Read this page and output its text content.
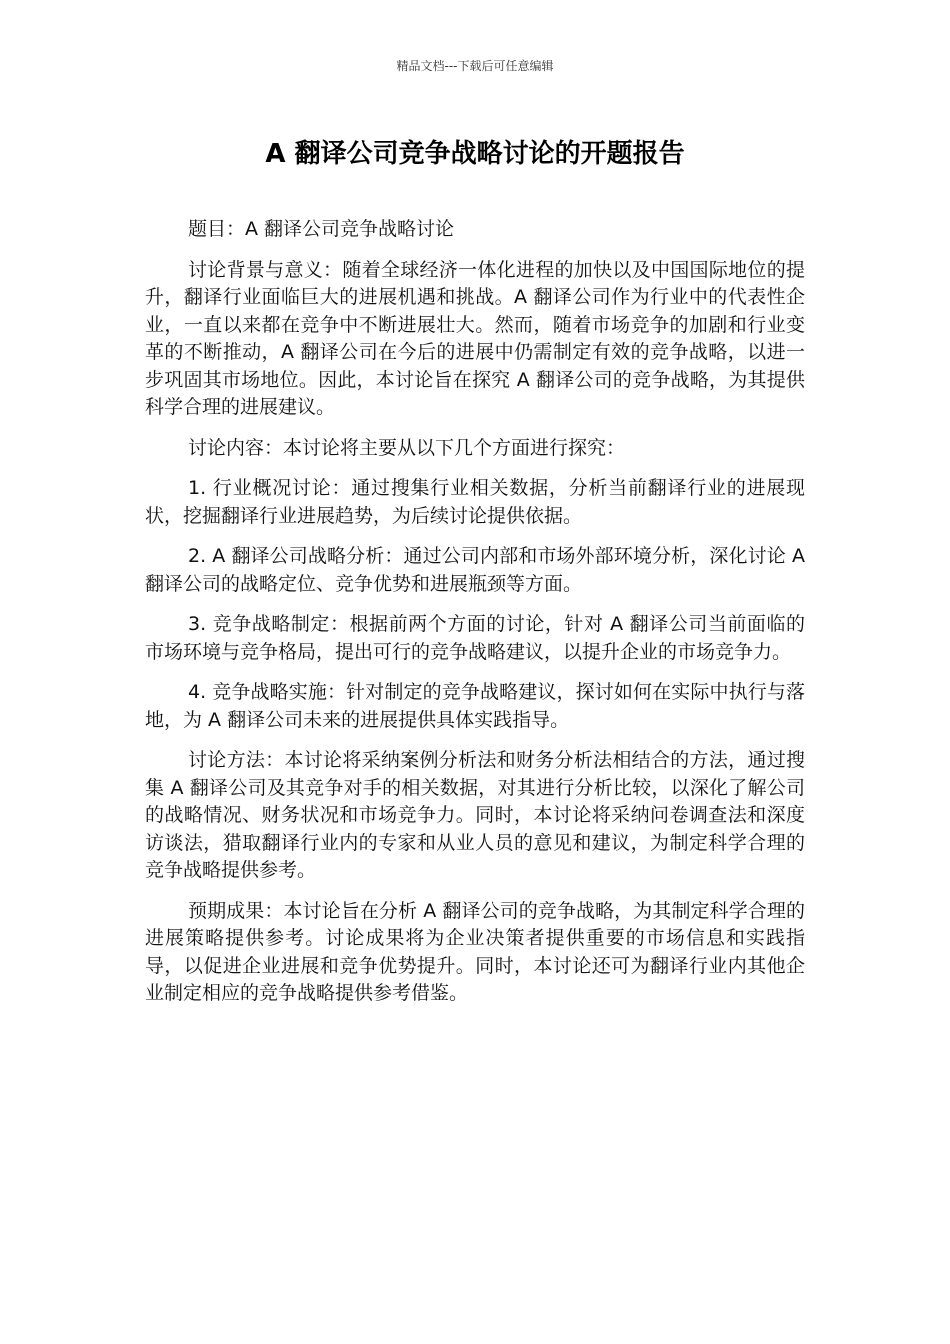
精品文档---下载后可任意编辑
A 翻译公司竞争战略讨论的开题报告

题目：A 翻译公司竞争战略讨论

讨论背景与意义：随着全球经济一体化进程的加快以及中国国际地位的提升，翻译行业面临巨大的进展机遇和挑战。A 翻译公司作为行业中的代表性企业，一直以来都在竞争中不断进展壮大。然而，随着市场竞争的加剧和行业变革的不断推动，A 翻译公司在今后的进展中仍需制定有效的竞争战略，以进一步巩固其市场地位。因此，本讨论旨在探究 A 翻译公司的竞争战略，为其提供科学合理的进展建议。

讨论内容：本讨论将主要从以下几个方面进行探究：

1. 行业概况讨论：通过搜集行业相关数据，分析当前翻译行业的进展现状，挖掘翻译行业进展趋势，为后续讨论提供依据。

2. A 翻译公司战略分析：通过公司内部和市场外部环境分析，深化讨论 A 翻译公司的战略定位、竞争优势和进展瓶颈等方面。

3. 竞争战略制定：根据前两个方面的讨论，针对 A 翻译公司当前面临的市场环境与竞争格局，提出可行的竞争战略建议，以提升企业的市场竞争力。

4. 竞争战略实施：针对制定的竞争战略建议，探讨如何在实际中执行与落地，为 A 翻译公司未来的进展提供具体实践指导。

讨论方法：本讨论将采纳案例分析法和财务分析法相结合的方法，通过搜集 A 翻译公司及其竞争对手的相关数据，对其进行分析比较，以深化了解公司的战略情况、财务状况和市场竞争力。同时，本讨论将采纳问卷调查法和深度访谈法，猎取翻译行业内的专家和从业人员的意见和建议，为制定科学合理的竞争战略提供参考。

预期成果：本讨论旨在分析 A 翻译公司的竞争战略，为其制定科学合理的进展策略提供参考。讨论成果将为企业决策者提供重要的市场信息和实践指导，以促进企业进展和竞争优势提升。同时，本讨论还可为翻译行业内其他企业制定相应的竞争战略提供参考借鉴。
